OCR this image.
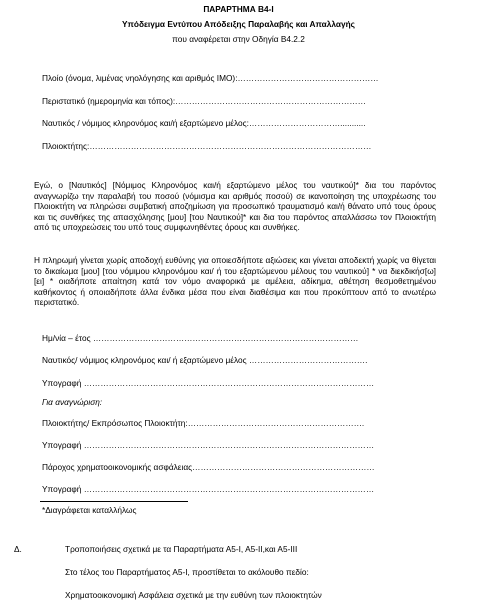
ΠΑΡΑΡΤΗΜΑ Β4-Ι
Υπόδειγμα Εντύπου Απόδειξης Παραλαβής και Απαλλαγής
που αναφέρεται στην Οδηγία Β4.2.2
Πλοίο (όνομα, λιμένας νηολόγησης και αριθμός ΙΜΟ):……………………………………………
Περιστατικό (ημερομηνία και τόπος):……………………………………………………………
Ναυτικός / νόμιμος κληρονόμος και/ή εξαρτώμενο μέλος:……………………………...........
Πλοιοκτήτης:…………………………………………………………………………………………
Εγώ, ο [Ναυτικός] [Νόμιμος Κληρονόμος και/ή εξαρτώμενο μέλος του ναυτικού]* δια του παρόντος αναγνωρίζω την παραλαβή του ποσού (νόμισμα και αριθμός ποσού) σε ικανοποίηση της υποχρέωσης του Πλοιοκτήτη να πληρώσει συμβατική αποζημίωση για προσωπικό τραυματισμό και/ή θάνατο υπό τους όρους και τις συνθήκες της απασχόλησης [μου] [του Ναυτικού]* και δια του παρόντος απαλλάσσω τον Πλοιοκτήτη από τις υποχρεώσεις του υπό τους συμφωνηθέντες όρους και συνθήκες.
Η πληρωμή γίνεται χωρίς αποδοχή ευθύνης για οποιεσδήποτε αξιώσεις και γίνεται αποδεκτή χωρίς να θίγεται το δικαίωμα [μου] [του νόμιμου κληρονόμου και/ ή του εξαρτώμενου μέλους του ναυτικού] * να διεκδικήσ[ω] [ει] * οιαδήποτε απαίτηση κατά τον νόμο αναφορικά με αμέλεια, αδίκημα, αθέτηση θεσμοθετημένου καθήκοντος ή οποιαδήποτε άλλα ένδικα μέσα που είναι διαθέσιμα και που προκύπτουν από το ανωτέρω περιστατικό.
Ημ/νία – έτος ……………………………………………………………………………………
Ναυτικός/ νόμιμος κληρονόμος και/ ή εξαρτώμενο μέλος …………………………………….
Υπογραφή ……………………………………………………………………………………………
Για αναγνώριση:
Πλοιοκτήτης/ Εκπρόσωπος Πλοιοκτήτη:……………………………………………………….
Υπογραφή ……………………………………………………………………………………………
Πάροχος χρηματοοικονομικής ασφάλειας…………………………………………………………
Υπογραφή ……………………………………………………………………………………………
*Διαγράφεται καταλλήλως
Δ.	Τροποποιήσεις σχετικά με τα Παραρτήματα Α5-Ι, Α5-ΙΙ,και Α5-ΙΙΙ
Στο τέλος του Παραρτήματος Α5-Ι, προστίθεται το ακόλουθο πεδίο:
Χρηματοοικονομική Ασφάλεια σχετικά με την ευθύνη των πλοιοκτητών
